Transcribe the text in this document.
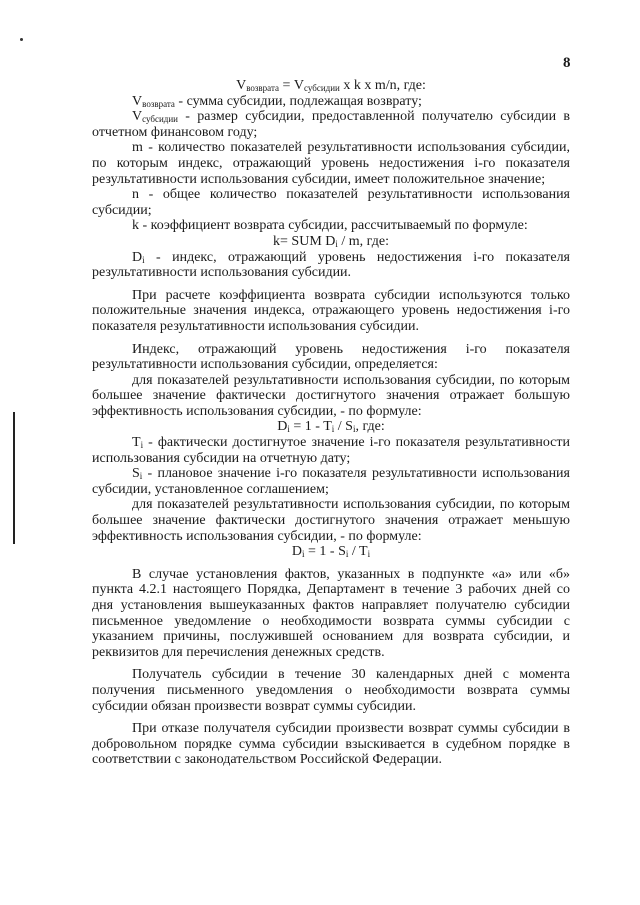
8

$V_{возврата} = V_{субсидии}$ x k x m/n, где:

$V_{возврата}$ - сумма субсидии, подлежащая возврату;

$V_{субсидии}$ - размер субсидии, предоставленной получателю субсидии в отчетном финансовом году;

m - количество показателей результативности использования субсидии, по которым индекс, отражающий уровень недостижения i-го показателя результативности использования субсидии, имеет положительное значение;

n - общее количество показателей результативности использования субсидии;

k - коэффициент возврата субсидии, рассчитываемый по формуле:

k= SUM $D_i$ / m, где:

$D_i$ - индекс, отражающий уровень недостижения i-го показателя результативности использования субсидии.

При расчете коэффициента возврата субсидии используются только положительные значения индекса, отражающего уровень недостижения i-го показателя результативности использования субсидии.

Индекс, отражающий уровень недостижения i-го показателя результативности использования субсидии, определяется:

для показателей результативности использования субсидии, по которым большее значение фактически достигнутого значения отражает большую эффективность использования субсидии, - по формуле:

$D_i = 1 - T_i / S_i$, где:

$T_i$ - фактически достигнутое значение i-го показателя результативности использования субсидии на отчетную дату;

$S_i$ - плановое значение i-го показателя результативности использования субсидии, установленное соглашением;

для показателей результативности использования субсидии, по которым большее значение фактически достигнутого значения отражает меньшую эффективность использования субсидии, - по формуле:

$D_i = 1 - S_i / T_i$

В случае установления фактов, указанных в подпункте «а» или «б» пункта 4.2.1 настоящего Порядка, Департамент в течение 3 рабочих дней со дня установления вышеуказанных фактов направляет получателю субсидии письменное уведомление о необходимости возврата суммы субсидии с указанием причины, послужившей основанием для возврата субсидии, и реквизитов для перечисления денежных средств.

Получатель субсидии в течение 30 календарных дней с момента получения письменного уведомления о необходимости возврата суммы субсидии обязан произвести возврат суммы субсидии.

При отказе получателя субсидии произвести возврат суммы субсидии в добровольном порядке сумма субсидии взыскивается в судебном порядке в соответствии с законодательством Российской Федерации.
